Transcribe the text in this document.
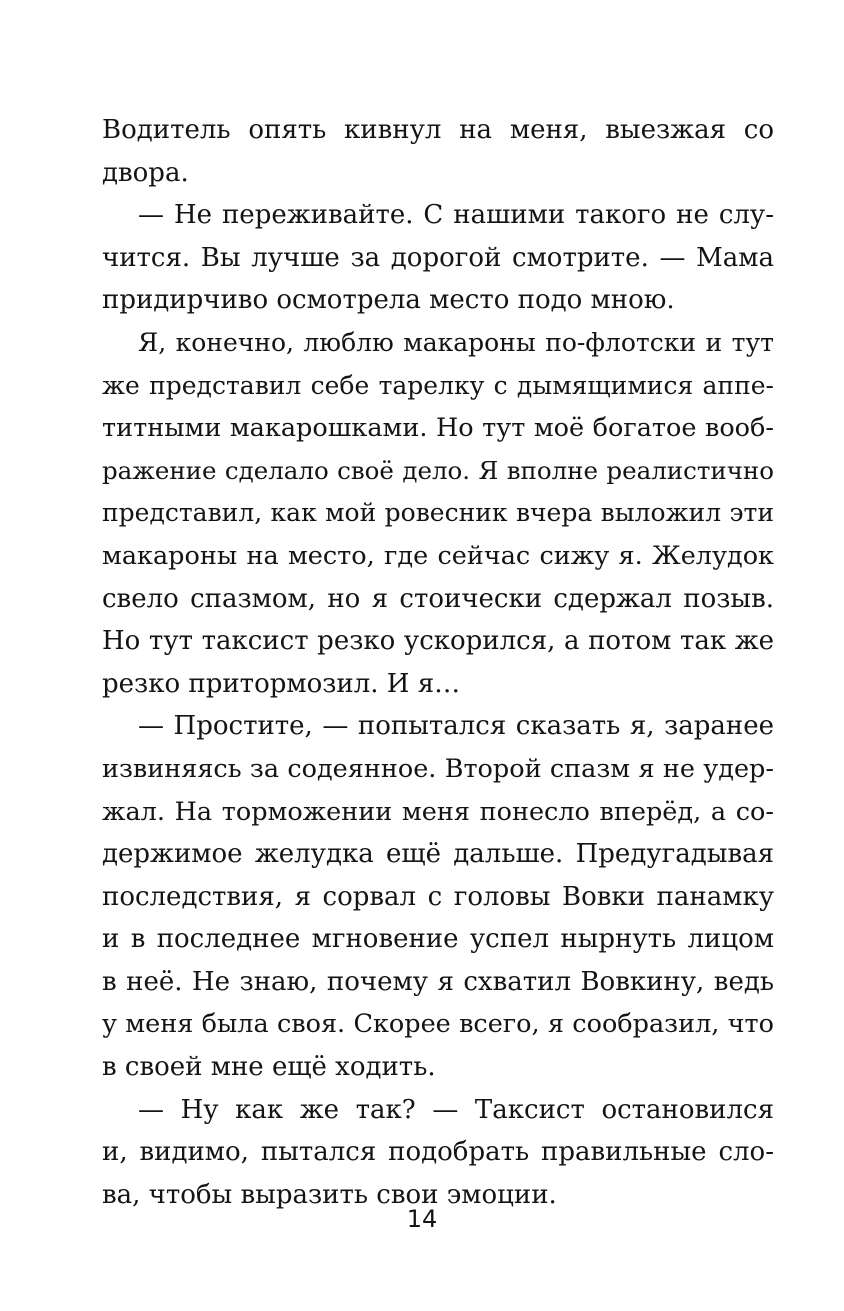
Водитель опять кивнул на меня, выезжая со
двора.
— Не переживайте. С нашими такого не слу-
чится. Вы лучше за дорогой смотрите. — Мама
придирчиво осмотрела место подо мною.
Я, конечно, люблю макароны по-флотски и тут
же представил себе тарелку с дымящимися аппе-
титными макарошками. Но тут моё богатое вооб-
ражение сделало своё дело. Я вполне реалистично
представил, как мой ровесник вчера выложил эти
макароны на место, где сейчас сижу я. Желудок
свело спазмом, но я стоически сдержал позыв.
Но тут таксист резко ускорился, а потом так же
резко притормозил. И я…
— Простите, — попытался сказать я, заранее
извиняясь за содеянное. Второй спазм я не удер-
жал. На торможении меня понесло вперёд, а со-
держимое желудка ещё дальше. Предугадывая
последствия, я сорвал с головы Вовки панамку
и в последнее мгновение успел нырнуть лицом
в неё. Не знаю, почему я схватил Вовкину, ведь
у меня была своя. Скорее всего, я сообразил, что
в своей мне ещё ходить.
— Ну как же так? — Таксист остановился
и, видимо, пытался подобрать правильные сло-
ва, чтобы выразить свои эмоции.
14
